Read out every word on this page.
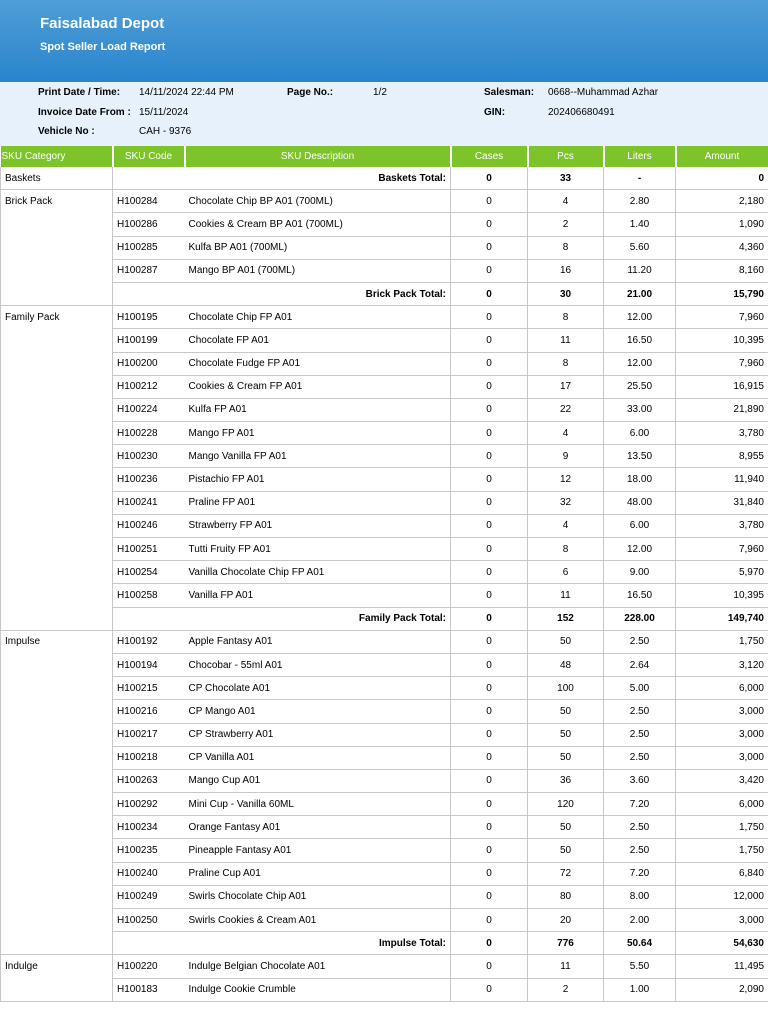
Faisalabad Depot
Spot Seller Load Report
Print Date / Time: 14/11/2024 22:44 PM	Page No.:	1/2	Salesman: 0668--Muhammad Azhar
Invoice Date From : 15/11/2024	GIN:	202406680491
Vehicle No :	CAH - 9376
SKU Category	SKU Code	SKU Description	Cases	Pcs	Liters	Amount
Baskets	Baskets Total:		0	33	-	0
Brick Pack	H100284	Chocolate Chip BP A01 (700ML)	0	4	2.80	2,180
	H100286	Cookies & Cream BP A01 (700ML)	0	2	1.40	1,090
	H100285	Kulfa BP A01 (700ML)	0	8	5.60	4,360
	H100287	Mango BP A01 (700ML)	0	16	11.20	8,160
	Brick Pack Total:		0	30	21.00	15,790
Family Pack	H100195	Chocolate Chip FP A01	0	8	12.00	7,960
	H100199	Chocolate FP A01	0	11	16.50	10,395
	H100200	Chocolate Fudge FP A01	0	8	12.00	7,960
	H100212	Cookies & Cream FP A01	0	17	25.50	16,915
	H100224	Kulfa FP A01	0	22	33.00	21,890
	H100228	Mango FP A01	0	4	6.00	3,780
	H100230	Mango Vanilla FP A01	0	9	13.50	8,955
	H100236	Pistachio FP A01	0	12	18.00	11,940
	H100241	Praline FP A01	0	32	48.00	31,840
	H100246	Strawberry FP A01	0	4	6.00	3,780
	H100251	Tutti Fruity FP A01	0	8	12.00	7,960
	H100254	Vanilla Chocolate Chip FP A01	0	6	9.00	5,970
	H100258	Vanilla FP A01	0	11	16.50	10,395
	Family Pack Total:		0	152	228.00	149,740
Impulse	H100192	Apple Fantasy A01	0	50	2.50	1,750
	H100194	Chocobar - 55ml A01	0	48	2.64	3,120
	H100215	CP Chocolate A01	0	100	5.00	6,000
	H100216	CP Mango A01	0	50	2.50	3,000
	H100217	CP Strawberry A01	0	50	2.50	3,000
	H100218	CP Vanilla A01	0	50	2.50	3,000
	H100263	Mango Cup A01	0	36	3.60	3,420
	H100292	Mini Cup - Vanilla 60ML	0	120	7.20	6,000
	H100234	Orange Fantasy A01	0	50	2.50	1,750
	H100235	Pineapple Fantasy A01	0	50	2.50	1,750
	H100240	Praline Cup A01	0	72	7.20	6,840
	H100249	Swirls Chocolate Chip A01	0	80	8.00	12,000
	H100250	Swirls Cookies & Cream A01	0	20	2.00	3,000
	Impulse Total:		0	776	50.64	54,630
Indulge	H100220	Indulge Belgian Chocolate A01	0	11	5.50	11,495
	H100183	Indulge Cookie Crumble	0	2	1.00	2,090
